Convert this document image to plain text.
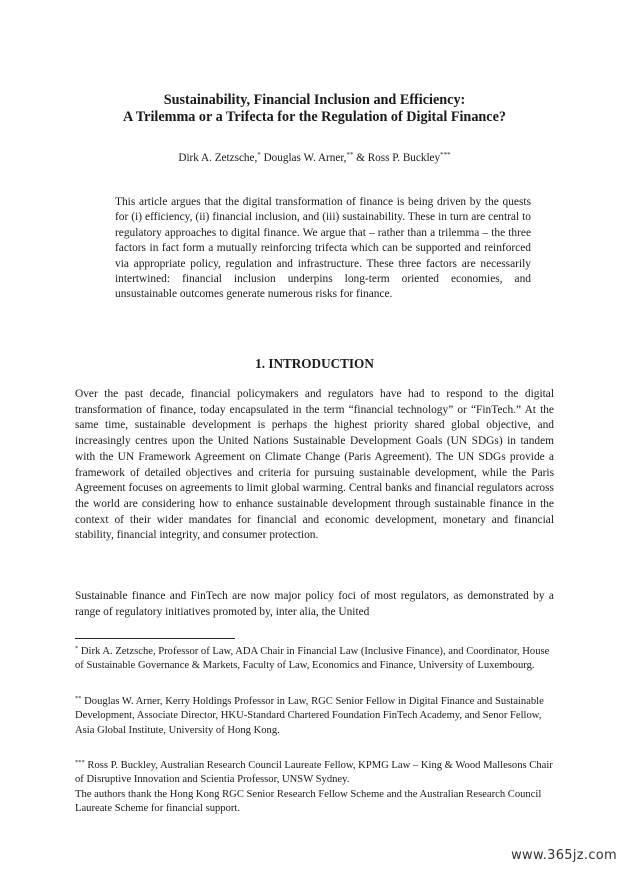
Sustainability, Financial Inclusion and Efficiency:
A Trilemma or a Trifecta for the Regulation of Digital Finance?
Dirk A. Zetzsche,* Douglas W. Arner,** & Ross P. Buckley***
This article argues that the digital transformation of finance is being driven by the quests for (i) efficiency, (ii) financial inclusion, and (iii) sustainability. These in turn are central to regulatory approaches to digital finance. We argue that – rather than a trilemma – the three factors in fact form a mutually reinforcing trifecta which can be supported and reinforced via appropriate policy, regulation and infrastructure. These three factors are necessarily intertwined: financial inclusion underpins long-term oriented economies, and unsustainable outcomes generate numerous risks for finance.
1. INTRODUCTION
Over the past decade, financial policymakers and regulators have had to respond to the digital transformation of finance, today encapsulated in the term “financial technology” or “FinTech.” At the same time, sustainable development is perhaps the highest priority shared global objective, and increasingly centres upon the United Nations Sustainable Development Goals (UN SDGs) in tandem with the UN Framework Agreement on Climate Change (Paris Agreement). The UN SDGs provide a framework of detailed objectives and criteria for pursuing sustainable development, while the Paris Agreement focuses on agreements to limit global warming. Central banks and financial regulators across the world are considering how to enhance sustainable development through sustainable finance in the context of their wider mandates for financial and economic development, monetary and financial stability, financial integrity, and consumer protection.
Sustainable finance and FinTech are now major policy foci of most regulators, as demonstrated by a range of regulatory initiatives promoted by, inter alia, the United
* Dirk A. Zetzsche, Professor of Law, ADA Chair in Financial Law (Inclusive Finance), and Coordinator, House of Sustainable Governance & Markets, Faculty of Law, Economics and Finance, University of Luxembourg.
** Douglas W. Arner, Kerry Holdings Professor in Law, RGC Senior Fellow in Digital Finance and Sustainable Development, Associate Director, HKU-Standard Chartered Foundation FinTech Academy, and Senor Fellow, Asia Global Institute, University of Hong Kong.
*** Ross P. Buckley, Australian Research Council Laureate Fellow, KPMG Law – King & Wood Mallesons Chair of Disruptive Innovation and Scientia Professor, UNSW Sydney.
The authors thank the Hong Kong RGC Senior Research Fellow Scheme and the Australian Research Council Laureate Scheme for financial support.
www.365jz.com
